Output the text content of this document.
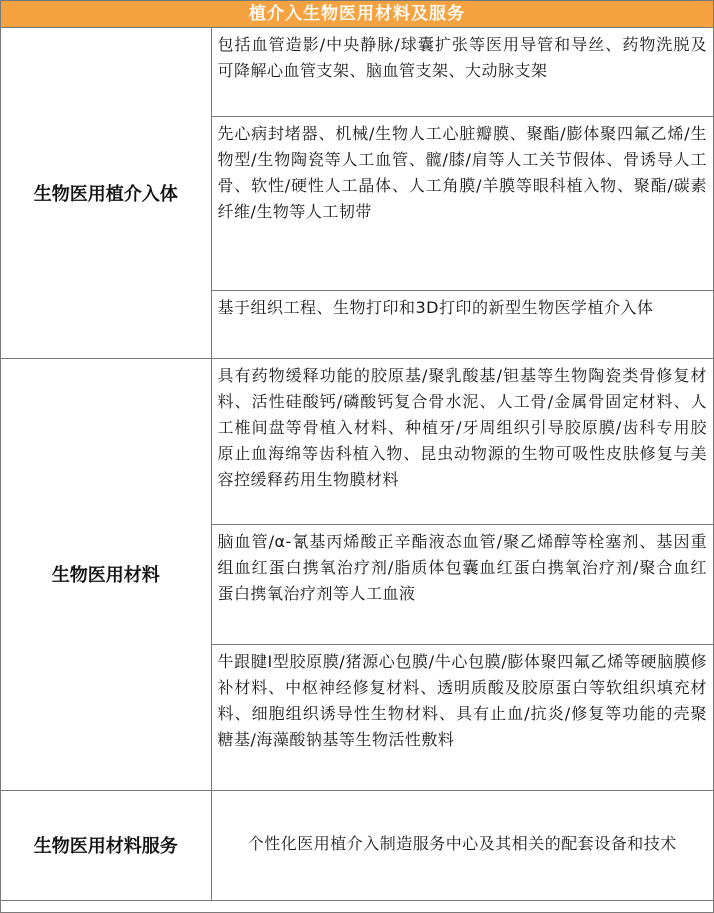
植介入生物医用材料及服务
生物医用植介入体	包括血管造影/中央静脉/球囊扩张等医用导管和导丝、药物洗脱及可降解心血管支架、脑血管支架、大动脉支架
	先心病封堵器、机械/生物人工心脏瓣膜、聚酯/膨体聚四氟乙烯/生物型/生物陶瓷等人工血管、髋/膝/肩等人工关节假体、骨诱导人工骨、软性/硬性人工晶体、人工角膜/羊膜等眼科植入物、聚酯/碳素纤维/生物等人工韧带
	基于组织工程、生物打印和3D打印的新型生物医学植介入体
生物医用材料	具有药物缓释功能的胶原基/聚乳酸基/钽基等生物陶瓷类骨修复材料、活性硅酸钙/磷酸钙复合骨水泥、人工骨/金属骨固定材料、人工椎间盘等骨植入材料、种植牙/牙周组织引导胶原膜/齿科专用胶原止血海绵等齿科植入物、昆虫动物源的生物可吸性皮肤修复与美容控缓释药用生物膜材料
	脑血管/α-氰基丙烯酸正辛酯液态血管/聚乙烯醇等栓塞剂、基因重组血红蛋白携氧治疗剂/脂质体包囊血红蛋白携氧治疗剂/聚合血红蛋白携氧治疗剂等人工血液
	牛跟腱I型胶原膜/猪源心包膜/牛心包膜/膨体聚四氟乙烯等硬脑膜修补材料、中枢神经修复材料、透明质酸及胶原蛋白等软组织填充材料、细胞组织诱导性生物材料、具有止血/抗炎/修复等功能的壳聚糖基/海藻酸钠基等生物活性敷料
生物医用材料服务	个性化医用植介入制造服务中心及其相关的配套设备和技术
